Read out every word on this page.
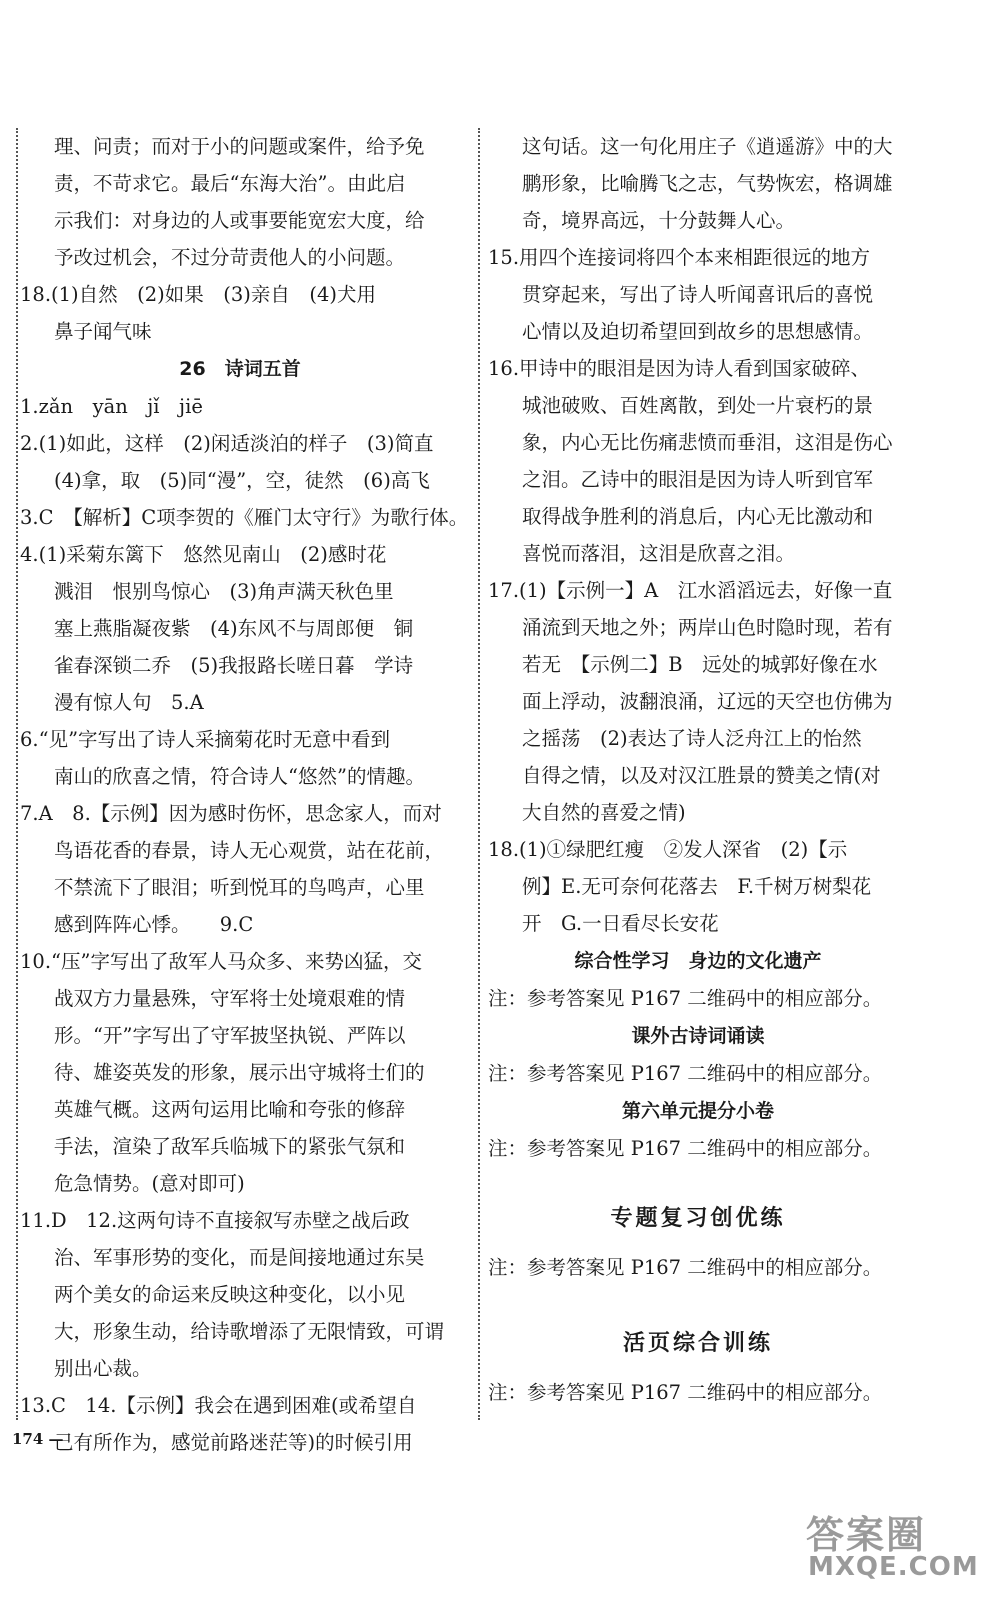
理、问责；而对于小的问题或案件，给予免
责，不苛求它。最后“东海大治”。由此启
示我们：对身边的人或事要能宽宏大度，给
予改过机会，不过分苛责他人的小问题。
18.(1)自然　(2)如果　(3)亲自　(4)犬用
鼻子闻气味
26　诗词五首
1.zǎn　yān　jǐ　jiē
2.(1)如此，这样　(2)闲适淡泊的样子　(3)简直
(4)拿，取　(5)同“漫”，空，徒然　(6)高飞
3.C　【解析】C项李贺的《雁门太守行》为歌行体。
4.(1)采菊东篱下　悠然见南山　(2)感时花
溅泪　恨别鸟惊心　(3)角声满天秋色里
塞上燕脂凝夜紫　(4)东风不与周郎便　铜
雀春深锁二乔　(5)我报路长嗟日暮　学诗
漫有惊人句　5.A
6.“见”字写出了诗人采摘菊花时无意中看到
南山的欣喜之情，符合诗人“悠然”的情趣。
7.A　8.【示例】因为感时伤怀，思念家人，而对
鸟语花香的春景，诗人无心观赏，站在花前，
不禁流下了眼泪；听到悦耳的鸟鸣声，心里
感到阵阵心悸。　　9.C
10.“压”字写出了敌军人马众多、来势凶猛，交
战双方力量悬殊，守军将士处境艰难的情
形。“开”字写出了守军披坚执锐、严阵以
待、雄姿英发的形象，展示出守城将士们的
英雄气概。这两句运用比喻和夸张的修辞
手法，渲染了敌军兵临城下的紧张气氛和
危急情势。(意对即可)
11.D　12.这两句诗不直接叙写赤壁之战后政
治、军事形势的变化，而是间接地通过东吴
两个美女的命运来反映这种变化，以小见
大，形象生动，给诗歌增添了无限情致，可谓
别出心裁。
13.C　14.【示例】我会在遇到困难(或希望自
己有所作为，感觉前路迷茫等)的时候引用
这句话。这一句化用庄子《逍遥游》中的大
鹏形象，比喻腾飞之志，气势恢宏，格调雄
奇，境界高远，十分鼓舞人心。
15.用四个连接词将四个本来相距很远的地方
贯穿起来，写出了诗人听闻喜讯后的喜悦
心情以及迫切希望回到故乡的思想感情。
16.甲诗中的眼泪是因为诗人看到国家破碎、
城池破败、百姓离散，到处一片衰朽的景
象，内心无比伤痛悲愤而垂泪，这泪是伤心
之泪。乙诗中的眼泪是因为诗人听到官军
取得战争胜利的消息后，内心无比激动和
喜悦而落泪，这泪是欣喜之泪。
17.(1)【示例一】A　江水滔滔远去，好像一直
涌流到天地之外；两岸山色时隐时现，若有
若无　【示例二】B　远处的城郭好像在水
面上浮动，波翻浪涌，辽远的天空也仿佛为
之摇荡　(2)表达了诗人泛舟江上的怡然
自得之情，以及对汉江胜景的赞美之情(对
大自然的喜爱之情)
18.(1)①绿肥红瘦　②发人深省　(2)【示
例】E.无可奈何花落去　F.千树万树梨花
开　G.一日看尽长安花
综合性学习　身边的文化遗产
注：参考答案见 P167 二维码中的相应部分。
课外古诗词诵读
注：参考答案见 P167 二维码中的相应部分。
第六单元提分小卷
注：参考答案见 P167 二维码中的相应部分。
专题复习创优练
注：参考答案见 P167 二维码中的相应部分。
活页综合训练
注：参考答案见 P167 二维码中的相应部分。
174 —
答案圈
MXQE.COM
